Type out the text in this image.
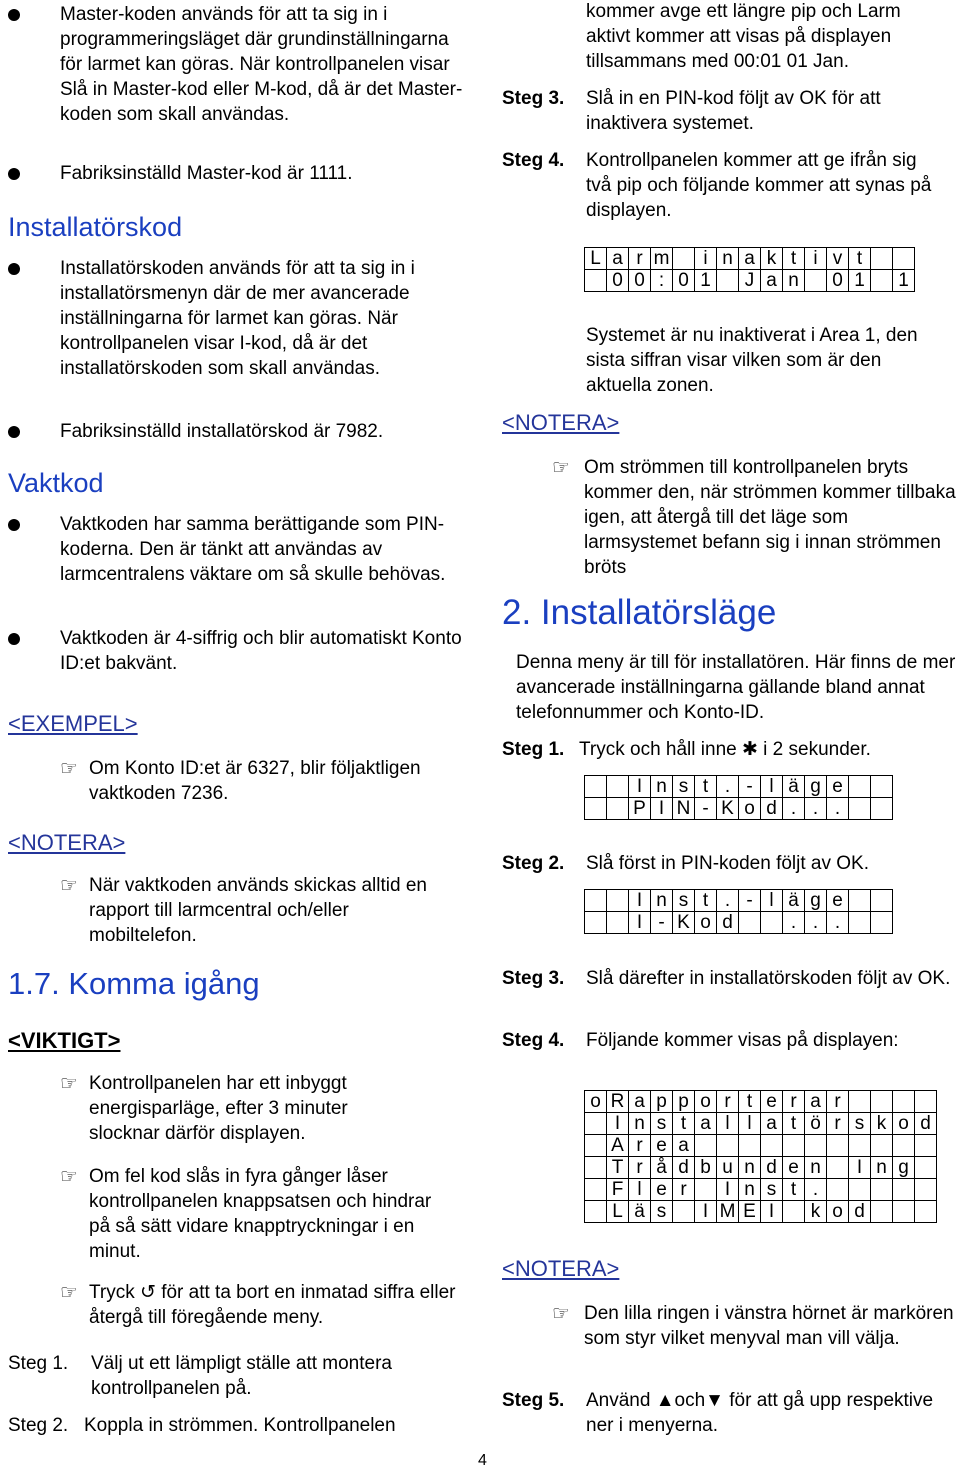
Master-koden används för att ta sig in i programmeringsläget där grundinställningarna för larmet kan göras. När kontrollpanelen visar Slå in Master-kod eller M-kod, då är det Master-koden som skall användas.
Fabriksinställd Master-kod är 1111.
Installatörskod
Installatörskoden används för att ta sig in i installatörsmenyn där de mer avancerade inställningarna för larmet kan göras. När kontrollpanelen visar I-kod, då är det installatörskoden som skall användas.
Fabriksinställd installatörskod är 7982.
Vaktkod
Vaktkoden har samma berättigande som PIN-koderna. Den är tänkt att användas av larmcentralens väktare om så skulle behövas.
Vaktkoden är 4-siffrig och blir automatiskt Konto ID:et bakvänt.
<EXEMPEL>
☞ Om Konto ID:et är 6327, blir följaktligen vaktkoden 7236.
<NOTERA>
☞ När vaktkoden används skickas alltid en rapport till larmcentral och/eller mobiltelefon.
1.7. Komma igång
<VIKTIGT>
☞ Kontrollpanelen har ett inbyggt energisparläge, efter 3 minuter slocknar därför displayen.
☞ Om fel kod slås in fyra gånger låser kontrollpanelen knappsatsen och hindrar på så sätt vidare knapptryckningar i en minut.
☞ Tryck ↺ för att ta bort en inmatad siffra eller återgå till föregående meny.
Steg 1. Välj ut ett lämpligt ställe att montera kontrollpanelen på.
Steg 2. Koppla in strömmen. Kontrollpanelen
kommer avge ett längre pip och Larm aktivt kommer att visas på displayen tillsammans med 00:01 01 Jan.
Steg 3. Slå in en PIN-kod följt av OK för att inaktivera systemet.
Steg 4. Kontrollpanelen kommer att ge ifrån sig två pip och följande kommer att synas på displayen.
L	a	r	m		i	n	a	k	t	i	v	t		
	0	0	:	0	1		J	a	n		0	1		1
Systemet är nu inaktiverat i Area 1, den sista siffran visar vilken som är den aktuella zonen.
<NOTERA>
☞ Om strömmen till kontrollpanelen bryts kommer den, när strömmen kommer tillbaka igen, att återgå till det läge som larmsystemet befann sig i innan strömmen bröts
2. Installatörsläge
Denna meny är till för installatören. Här finns de mer avancerade inställningarna gällande bland annat telefonnummer och Konto-ID.
Steg 1. Tryck och håll inne ✱ i 2 sekunder.
		I	n	s	t	.	-	l	ä	g	e		
		P	I	N	-	K	o	d	.	.	.		
Steg 2. Slå först in PIN-koden följt av OK.
		I	n	s	t	.	-	l	ä	g	e		
		I	-	K	o	d			.	.	.		
Steg 3. Slå därefter in installatörskoden följt av OK.
Steg 4. Följande kommer visas på displayen:
o	R	a	p	p	o	r	t	e	r	a	r				
	I	n	s	t	a	l	l	a	t	ö	r	s	k	o	d
	A	r	e	a											
	T	r	å	d	b	u	n	d	e	n		I	n	g	
	F	l	e	r		I	n	s	t	.					
	L	ä	s		I	M	E	I		k	o	d			
<NOTERA>
☞ Den lilla ringen i vänstra hörnet är markören som styr vilket menyval man vill välja.
Steg 5. Använd ▲och▼ för att gå upp respektive ner i menyerna.
4
